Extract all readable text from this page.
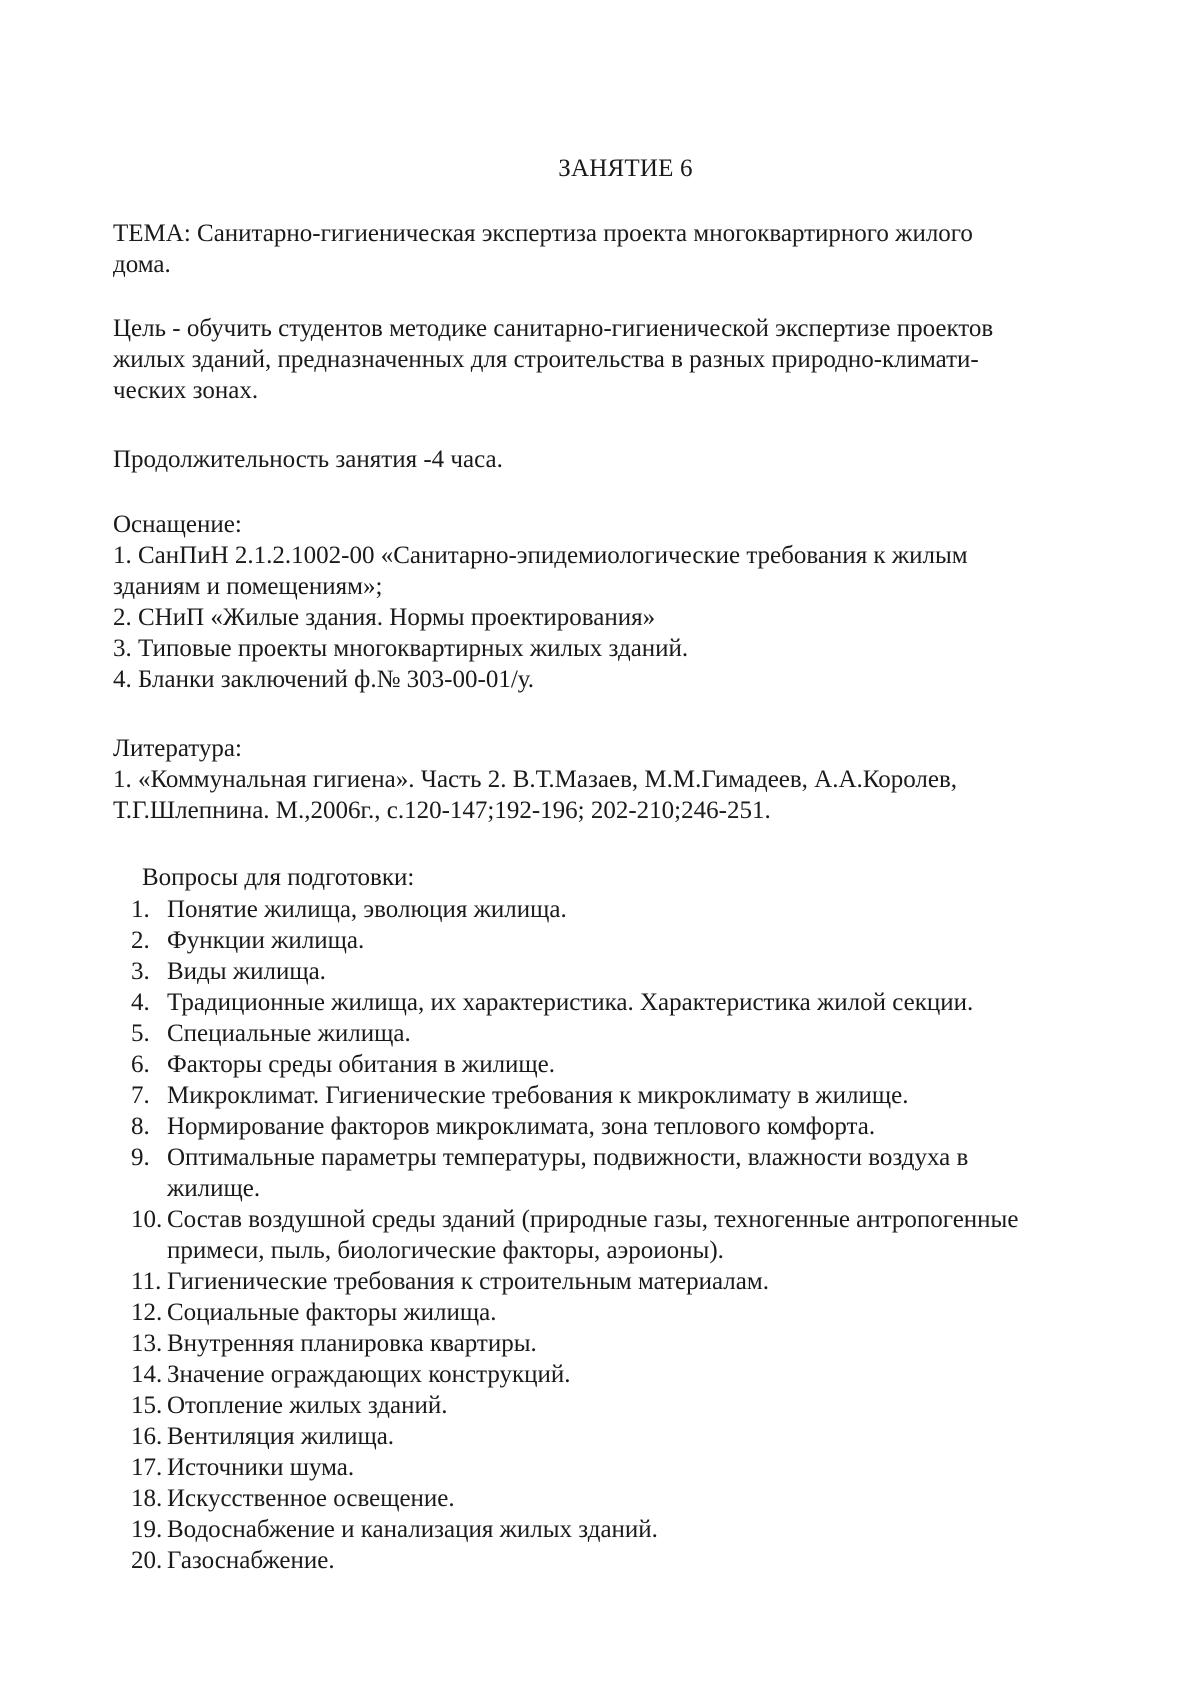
ЗАНЯТИЕ 6

ТЕМА: Санитарно-гигиеническая экспертиза проекта многоквартирного жилого

дома.

Цель - обучить студентов методике санитарно-гигиенической экспертизе проектов

жилых зданий, предназначенных для строительства в разных природно-климати-

ческих зонах.

Продолжительность занятия -4 часа.

Оснащение:

1. СанПиН 2.1.2.1002-00 «Санитарно-эпидемиологические требования к жилым

зданиям и помещениям»;

2. СНиП «Жилые здания. Нормы проектирования»

3. Типовые проекты многоквартирных жилых зданий.

4. Бланки заключений ф.№ 303-00-01/у.

Литература:

1. «Коммунальная гигиена». Часть 2. В.Т.Мазаев, М.М.Гимадеев, А.А.Королев,

Т.Г.Шлепнина. М.,2006г., с.120-147;192-196; 202-210;246-251.

Вопросы для подготовки:
1. Понятие жилища, эволюция жилища.
2. Функции жилища.
3. Виды жилища.
4. Традиционные жилища, их характеристика. Характеристика жилой секции.
5. Специальные жилища.
6. Факторы среды обитания в жилище.
7. Микроклимат. Гигиенические требования к микроклимату в жилище.
8. Нормирование факторов микроклимата, зона теплового комфорта.
9. Оптимальные параметры температуры, подвижности, влажности воздуха в
жилище.
10. Состав воздушной среды зданий (природные газы, техногенные антропогенные
примеси, пыль, биологические факторы, аэроионы).
11. Гигиенические требования к строительным материалам.
12. Социальные факторы жилища.
13. Внутренняя планировка квартиры.
14. Значение ограждающих конструкций.
15. Отопление жилых зданий.
16. Вентиляция жилища.
17. Источники шума.
18. Искусственное освещение.
19. Водоснабжение и канализация жилых зданий.
20. Газоснабжение.
